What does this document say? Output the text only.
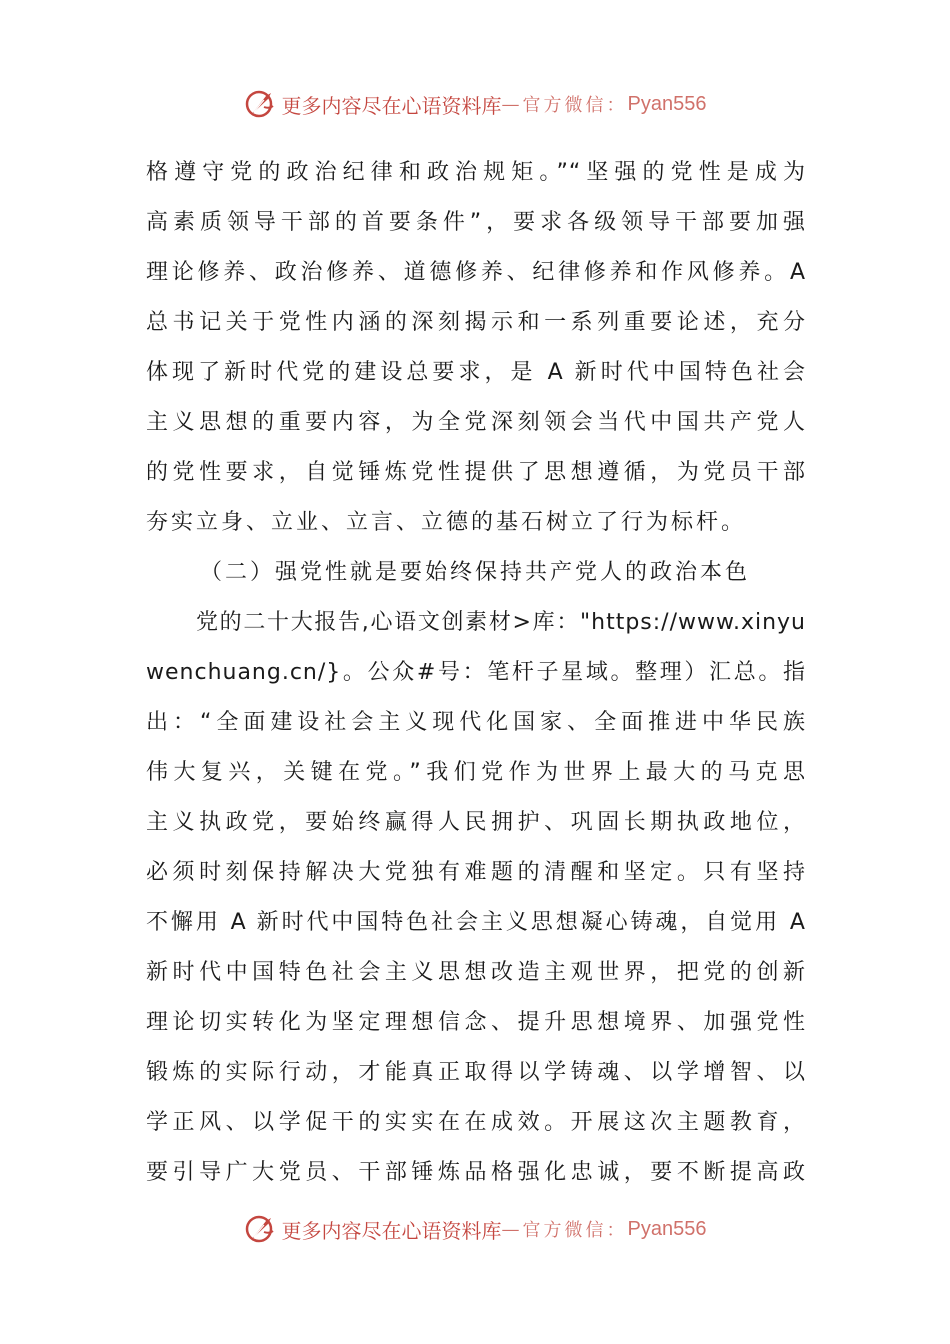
更多内容尽在心语资料库 — 官方微信： Pyan556
格遵守党的政治纪律和政治规矩。”“坚强的党性是成为
高素质领导干部的首要条件”，要求各级领导干部要加强
理论修养、政治修养、道德修养、纪律修养和作风修养。A
总书记关于党性内涵的深刻揭示和一系列重要论述，充分
体现了新时代党的建设总要求，是 A 新时代中国特色社会
主义思想的重要内容，为全党深刻领会当代中国共产党人
的党性要求，自觉锤炼党性提供了思想遵循，为党员干部
夯实立身、立业、立言、立德的基石树立了行为标杆。
（二）强党性就是要始终保持共产党人的政治本色
党的二十大报告,心语文创素材>库："https://www.xinyu
wenchuang.cn/}。公众#号：笔杆子星域。整理）汇总。指
出：“全面建设社会主义现代化国家、全面推进中华民族
伟大复兴，关键在党。”我们党作为世界上最大的马克思
主义执政党，要始终赢得人民拥护、巩固长期执政地位，
必须时刻保持解决大党独有难题的清醒和坚定。只有坚持
不懈用 A 新时代中国特色社会主义思想凝心铸魂，自觉用 A
新时代中国特色社会主义思想改造主观世界，把党的创新
理论切实转化为坚定理想信念、提升思想境界、加强党性
锻炼的实际行动，才能真正取得以学铸魂、以学增智、以
学正风、以学促干的实实在在成效。开展这次主题教育，
要引导广大党员、干部锤炼品格强化忠诚，要不断提高政
更多内容尽在心语资料库 — 官方微信： Pyan556
